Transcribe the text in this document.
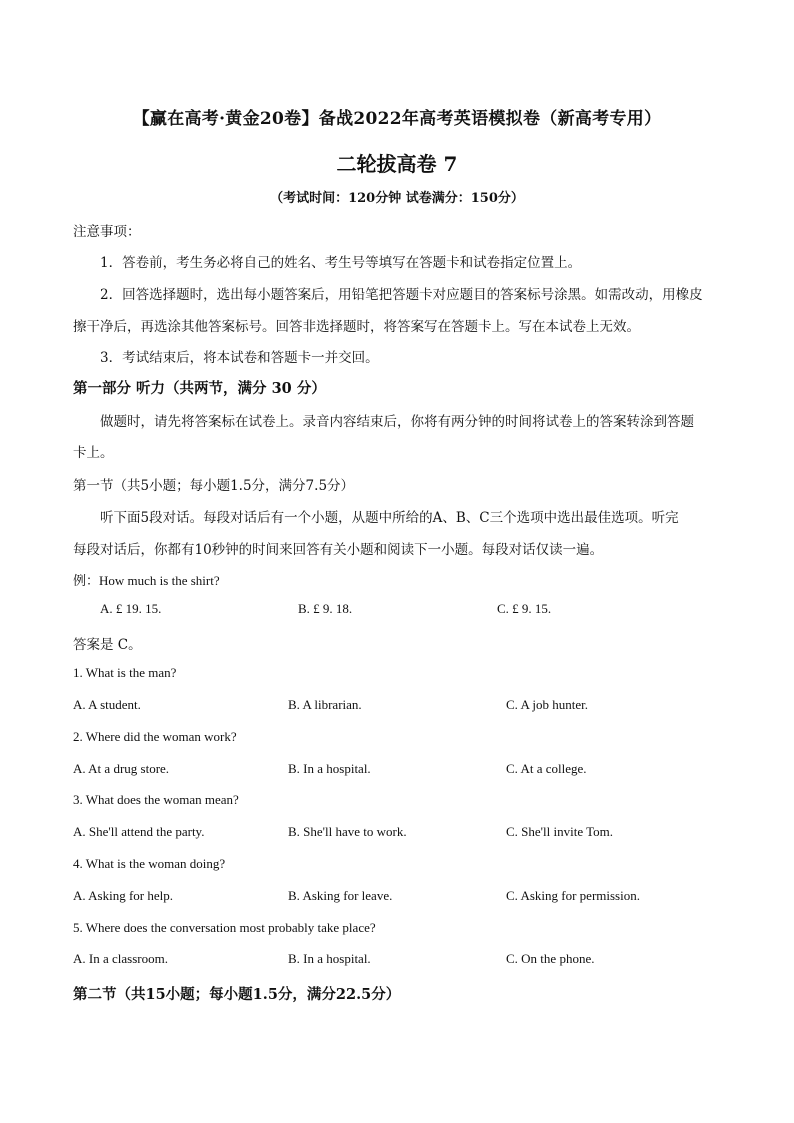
【赢在高考·黄金20卷】备战2022年高考英语模拟卷（新高考专用）
二轮拔高卷 7
（考试时间：120分钟 试卷满分：150分）
注意事项：
1．答卷前，考生务必将自己的姓名、考生号等填写在答题卡和试卷指定位置上。
2．回答选择题时，选出每小题答案后，用铅笔把答题卡对应题目的答案标号涂黑。如需改动，用橡皮
擦干净后，再选涂其他答案标号。回答非选择题时，将答案写在答题卡上。写在本试卷上无效。
3．考试结束后，将本试卷和答题卡一并交回。
第一部分 听力（共两节，满分 30 分）
做题时，请先将答案标在试卷上。录音内容结束后，你将有两分钟的时间将试卷上的答案转涂到答题
卡上。
第一节（共5小题；每小题1.5分，满分7.5分）
听下面5段对话。每段对话后有一个小题，从题中所给的A、B、C三个选项中选出最佳选项。听完
每段对话后，你都有10秒钟的时间来回答有关小题和阅读下一小题。每段对话仅读一遍。
例：How much is the shirt?
A. £ 19. 15.	B. £ 9. 18.	C. £ 9. 15.
答案是 C。
1. What is the man?
A. A student.	B. A librarian.	C. A job hunter.
2. Where did the woman work?
A. At a drug store.	B. In a hospital.	C. At a college.
3. What does the woman mean?
A. She'll attend the party.	B. She'll have to work.	C. She'll invite Tom.
4. What is the woman doing?
A. Asking for help.	B. Asking for leave.	C. Asking for permission.
5. Where does the conversation most probably take place?
A. In a classroom.	B. In a hospital.	C. On the phone.
第二节（共15小题；每小题1.5分，满分22.5分）
